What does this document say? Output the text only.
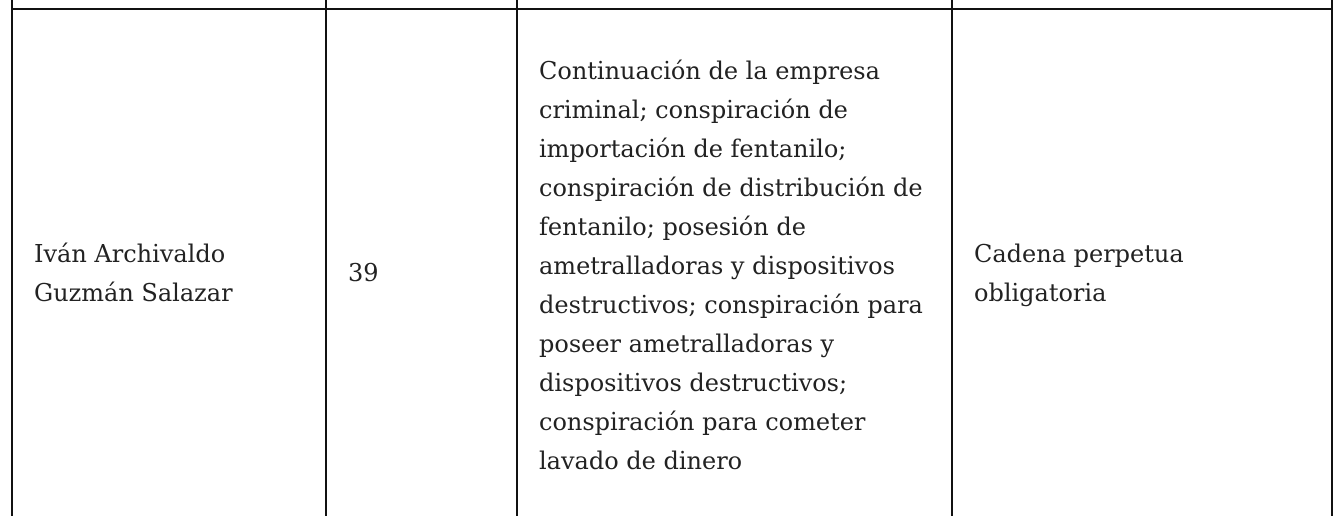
Iván Archivaldo Guzmán Salazar	39	Continuación de la empresa criminal; conspiración de importación de fentanilo; conspiración de distribución de fentanilo; posesión de ametralladoras y dispositivos destructivos; conspiración para poseer ametralladoras y dispositivos destructivos; conspiración para cometer lavado de dinero	Cadena perpetua obligatoria
